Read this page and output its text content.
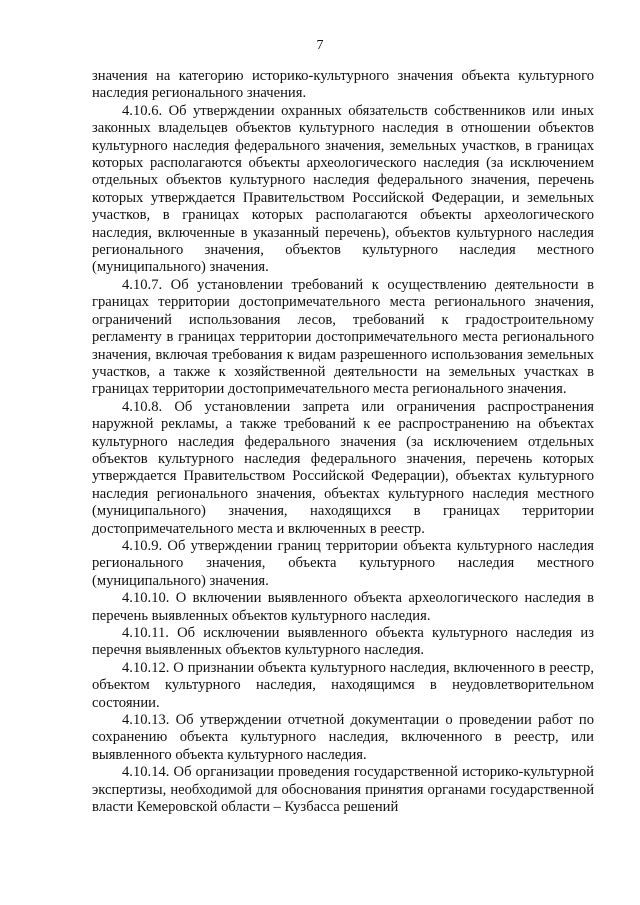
7

значения на категорию историко-культурного значения объекта культурного наследия регионального значения.

4.10.6. Об утверждении охранных обязательств собственников или иных законных владельцев объектов культурного наследия в отношении объектов культурного наследия федерального значения, земельных участков, в границах которых располагаются объекты археологического наследия (за исключением отдельных объектов культурного наследия федерального значения, перечень которых утверждается Правительством Российской Федерации, и земельных участков, в границах которых располагаются объекты археологического наследия, включенные в указанный перечень), объектов культурного наследия регионального значения, объектов культурного наследия местного (муниципального) значения.

4.10.7. Об установлении требований к осуществлению деятельности в границах территории достопримечательного места регионального значения, ограничений использования лесов, требований к градостроительному регламенту в границах территории достопримечательного места регионального значения, включая требования к видам разрешенного использования земельных участков, а также к хозяйственной деятельности на земельных участках в границах территории достопримечательного места регионального значения.

4.10.8. Об установлении запрета или ограничения распространения наружной рекламы, а также требований к ее распространению на объектах культурного наследия федерального значения (за исключением отдельных объектов культурного наследия федерального значения, перечень которых утверждается Правительством Российской Федерации), объектах культурного наследия регионального значения, объектах культурного наследия местного (муниципального) значения, находящихся в границах территории достопримечательного места и включенных в реестр.

4.10.9. Об утверждении границ территории объекта культурного наследия регионального значения, объекта культурного наследия местного (муниципального) значения.

4.10.10. О включении выявленного объекта археологического наследия в перечень выявленных объектов культурного наследия.

4.10.11. Об исключении выявленного объекта культурного наследия из перечня выявленных объектов культурного наследия.

4.10.12. О признании объекта культурного наследия, включенного в реестр, объектом культурного наследия, находящимся в неудовлетворительном состоянии.

4.10.13. Об утверждении отчетной документации о проведении работ по сохранению объекта культурного наследия, включенного в реестр, или выявленного объекта культурного наследия.

4.10.14. Об организации проведения государственной историко-культурной экспертизы, необходимой для обоснования принятия органами государственной власти Кемеровской области – Кузбасса решений
